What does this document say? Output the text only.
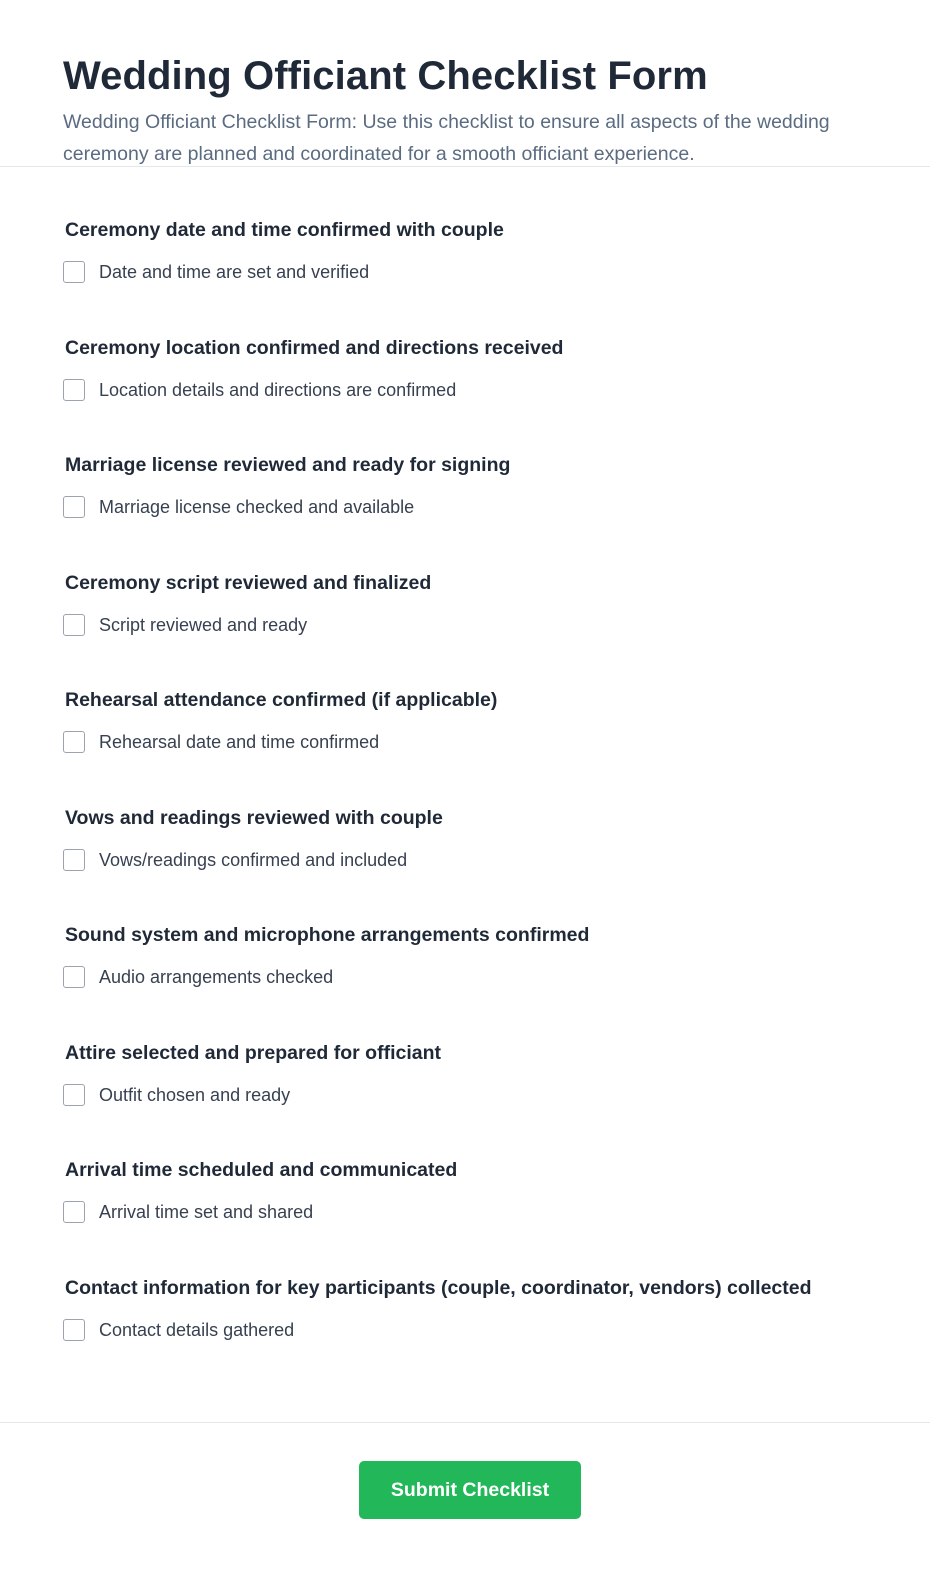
Wedding Officiant Checklist Form

Wedding Officiant Checklist Form: Use this checklist to ensure all aspects of the wedding ceremony are planned and coordinated for a smooth officiant experience.

Ceremony date and time confirmed with couple

Date and time are set and verified

Ceremony location confirmed and directions received

Location details and directions are confirmed

Marriage license reviewed and ready for signing

Marriage license checked and available

Ceremony script reviewed and finalized

Script reviewed and ready

Rehearsal attendance confirmed (if applicable)

Rehearsal date and time confirmed

Vows and readings reviewed with couple

Vows/readings confirmed and included

Sound system and microphone arrangements confirmed

Audio arrangements checked

Attire selected and prepared for officiant

Outfit chosen and ready

Arrival time scheduled and communicated

Arrival time set and shared

Contact information for key participants (couple, coordinator, vendors) collected

Contact details gathered
Submit Checklist
